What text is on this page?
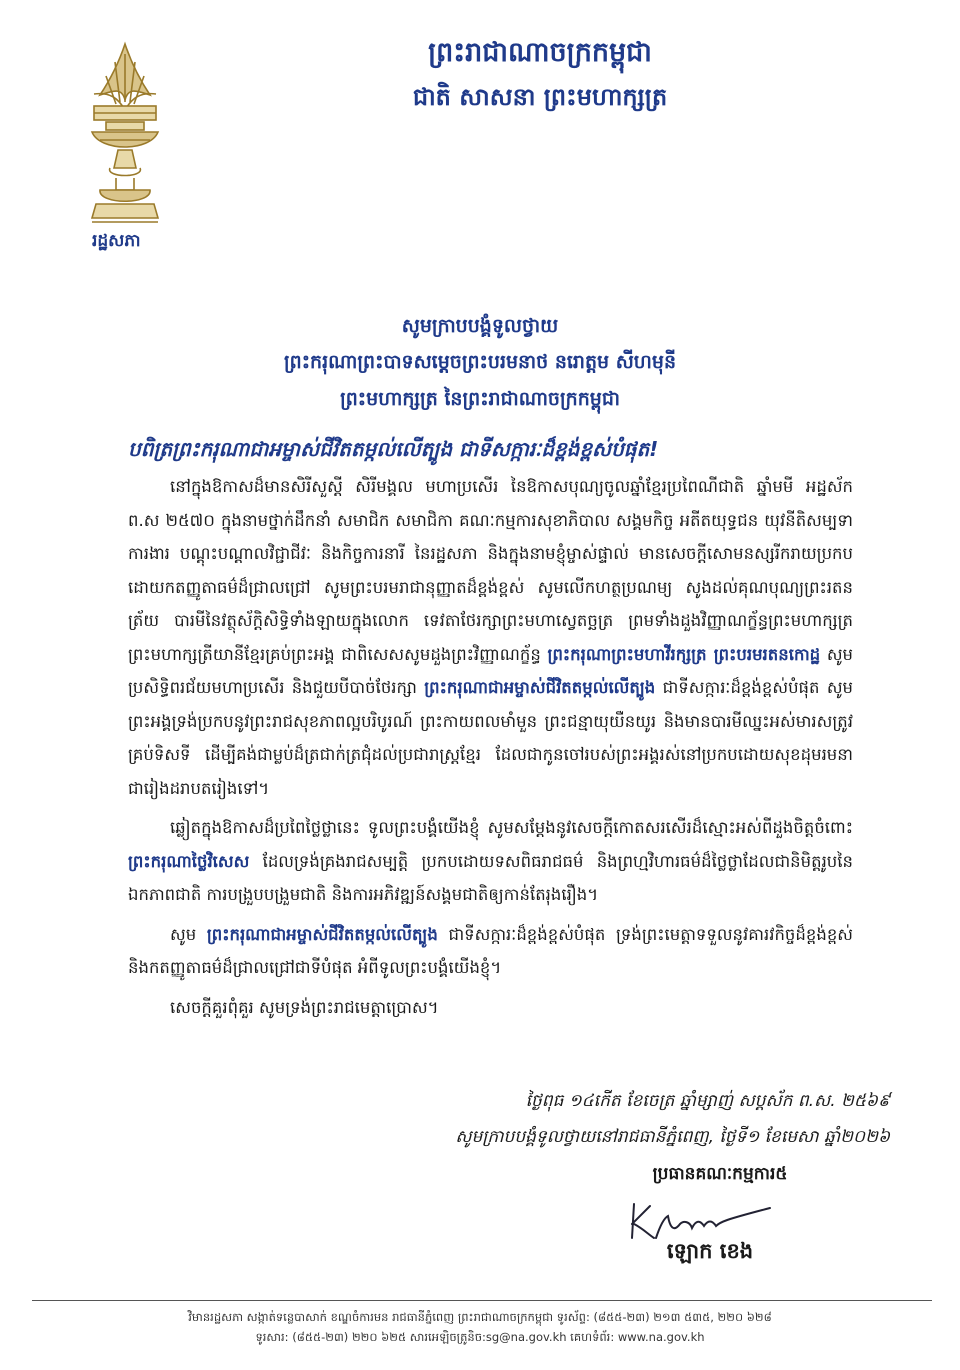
រដ្ឋសភា
ព្រះរាជាណាចក្រកម្ពុជា
ជាតិ សាសនា ព្រះមហាក្សត្រ
សូមក្រាបបង្គំទូលថ្វាយ
ព្រះករុណាព្រះបាទសម្តេចព្រះបរមនាថ នរោត្តម សីហមុនី
ព្រះមហាក្សត្រ នៃព្រះរាជាណាចក្រកម្ពុជា
បពិត្រព្រះករុណាជាអម្ចាស់ជីវិតតម្កល់លើត្បូង ជាទីសក្ការៈដ៏ខ្ពង់ខ្ពស់បំផុត!

នៅក្នុងឱកាសដ៏មានសិរីសួស្តី សិរីមង្គល មហាប្រសើរ នៃឱកាសបុណ្យចូលឆ្នាំខ្មែរប្រពៃណីជាតិ ឆ្នាំមមី អដ្ឋស័ក ព.ស ២៥៧០ ក្នុងនាមថ្នាក់ដឹកនាំ សមាជិក សមាជិកា គណៈកម្មការសុខាភិបាល សង្គមកិច្ច អតីតយុទ្ធជន យុវនីតិសម្បទា ការងារ បណ្តុះបណ្តាលវិជ្ជាជីវៈ និងកិច្ចការនារី នៃរដ្ឋសភា និងក្នុងនាមខ្ញុំម្ចាស់ផ្ទាល់ មានសេចក្តីសោមនស្សរីករាយប្រកបដោយកតញ្ញូតាធម៌ដ៏ជ្រាលជ្រៅ សូមព្រះបរមរាជានុញ្ញាតដ៏ខ្ពង់ខ្ពស់ សូមលើកហត្ថប្រណម្យ សូងដល់គុណបុណ្យព្រះរតនត្រ័យ បារមីនៃវត្ថុស័ក្តិសិទ្ធិទាំងឡាយក្នុងលោក ទេវតាថែរក្សាព្រះមហាស្វេតច្ឆត្រ ព្រមទាំងដួងវិញ្ញាណក្ខ័ន្ធព្រះមហាក្សត្រ ព្រះមហាក្សត្រីយានីខ្មែរគ្រប់ព្រះអង្គ ជាពិសេសសូមដួងព្រះវិញ្ញាណក្ខ័ន្ធ ព្រះករុណាព្រះមហាវីរក្សត្រ ព្រះបរមរតនកោដ្ឋ សូមប្រសិទ្ធិពរជ័យមហាប្រសើរ និងជួយបីបាច់ថែរក្សា ព្រះករុណាជាអម្ចាស់ជីវិតតម្កល់លើត្បូង ជាទីសក្ការៈដ៏ខ្ពង់ខ្ពស់បំផុត សូមព្រះអង្គទ្រង់ប្រកបនូវព្រះរាជសុខភាពល្អបរិបូរណ៍ ព្រះកាយពលមាំមួន ព្រះជន្មាយុយឺនយូរ និងមានបារមីឈ្នះអស់មារសត្រូវគ្រប់ទិសទី ដើម្បីគង់ជាម្លប់ដ៏ត្រជាក់ត្រជុំដល់ប្រជារាស្ត្រខ្មែរ ដែលជាកូនចៅរបស់ព្រះអង្គរស់នៅប្រកបដោយសុខដុមរមនា ជារៀងដរាបតរៀងទៅ។

ឆ្លៀតក្នុងឱកាសដ៏ប្រពៃថ្លៃថ្លានេះ ទូលព្រះបង្គំយើងខ្ញុំ សូមសម្តែងនូវសេចក្តីកោតសរសើរដ៏ស្មោះអស់ពីដួងចិត្តចំពោះ ព្រះករុណាថ្លៃវិសេស ដែលទ្រង់គ្រងរាជសម្បត្តិ ប្រកបដោយទសពិធរាជធម៌ និងព្រហ្មវិហារធម៌ដ៏ថ្លៃថ្លាដែលជានិមិត្តរូបនៃឯកភាពជាតិ ការបង្រួបបង្រួមជាតិ និងការអភិវឌ្ឍន៍សង្គមជាតិឲ្យកាន់តែរុងរឿង។

សូម ព្រះករុណាជាអម្ចាស់ជីវិតតម្កល់លើត្បូង ជាទីសក្ការៈដ៏ខ្ពង់ខ្ពស់បំផុត ទ្រង់ព្រះមេត្តាទទួលនូវគារវកិច្ចដ៏ខ្ពង់ខ្ពស់ និងកតញ្ញូតាធម៌ដ៏ជ្រាលជ្រៅជាទីបំផុត អំពីទូលព្រះបង្គំយើងខ្ញុំ។

សេចក្តីគួរពុំគួរ សូមទ្រង់ព្រះរាជមេត្តាប្រោស។

ថ្ងៃពុធ ១៤កើត ខែចេត្រ ឆ្នាំម្សាញ់ សប្តស័ក ព.ស. ២៥៦៩
សូមក្រាបបង្គំទូលថ្វាយនៅរាជធានីភ្នំពេញ, ថ្ងៃទី១ ខែមេសា ឆ្នាំ២០២៦
ប្រធានគណៈកម្មការ៥
ឡោក ខេង
វិមានរដ្ឋសភា សង្កាត់ទន្លេបាសាក់ ខណ្ឌចំការមន រាជធានីភ្នំពេញ ព្រះរាជាណាចក្រកម្ពុជា ទូរស័ព្ទ: (៨៥៥-២៣) ២១៣ ៥៣៥, ២២០ ៦២៨
ទូរសារ: (៨៥៥-២៣) ២២០ ៦២៥ សារអេឡិចត្រូនិច:sg@na.gov.kh គេហទំព័រ: www.na.gov.kh
